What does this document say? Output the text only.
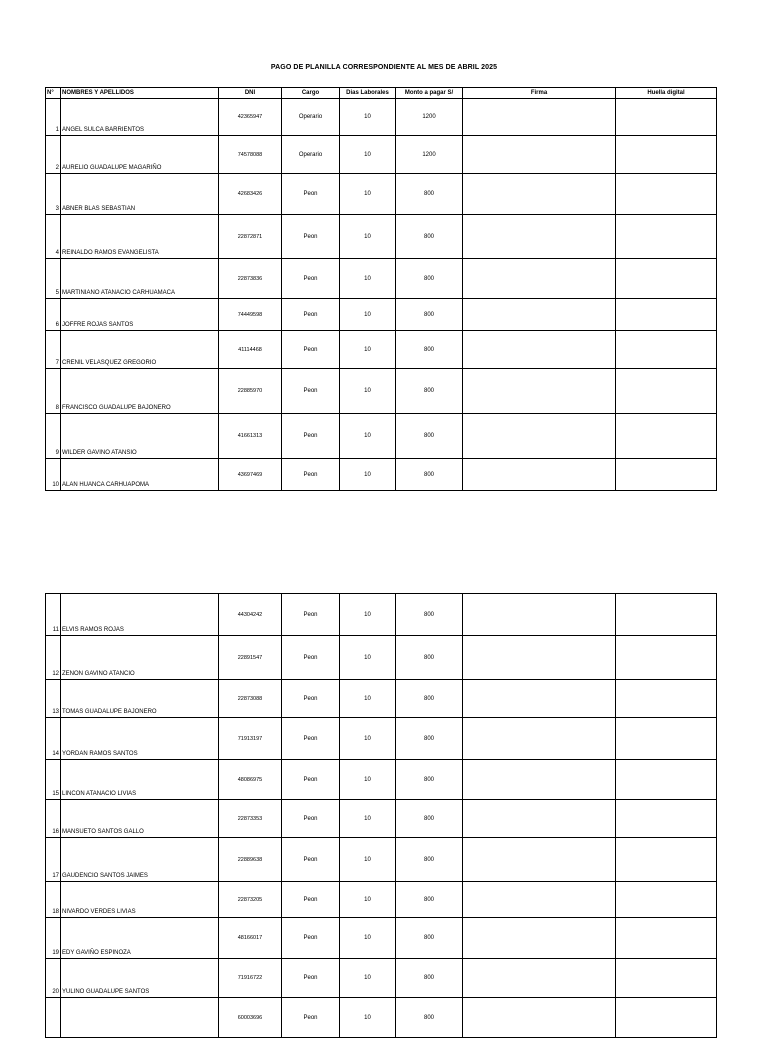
PAGO DE PLANILLA CORRESPONDIENTE AL MES DE ABRIL 2025
N°	NOMBRES Y APELLIDOS	DNI	Cargo	Dias Laborales	Monto a pagar S/	Firma	Huella digital
1	ANGEL SULCA BARRIENTOS	42365947	Operario	10	1200		
2	AURELIO GUADALUPE MAGARIÑO	74578088	Operario	10	1200		
3	ABNER BLAS SEBASTIAN	42683426	Peon	10	800		
4	REINALDO RAMOS EVANGELISTA	22872871	Peon	10	800		
5	MARTINIANO ATANACIO CARHUAMACA	22873836	Peon	10	800		
6	JOFFRE ROJAS SANTOS	74449598	Peon	10	800		
7	CRENIL VELASQUEZ GREGORIO	41114468	Peon	10	800		
8	FRANCISCO GUADALUPE BAJONERO	22885970	Peon	10	800		
9	WILDER GAVINO ATANSIO	41661313	Peon	10	800		
10	ALAN HUANCA CARHUAPOMA	43697469	Peon	10	800		
11	ELVIS RAMOS ROJAS	44304242	Peon	10	800		
12	ZENON GAVINO ATANCIO	22891547	Peon	10	800		
13	TOMAS GUADALUPE BAJONERO	22873088	Peon	10	800		
14	YORDAN RAMOS SANTOS	71913197	Peon	10	800		
15	LINCON ATANACIO LIVIAS	48086975	Peon	10	800		
16	MANSUETO SANTOS GALLO	22873353	Peon	10	800		
17	GAUDENCIO SANTOS JAIMES	22889638	Peon	10	800		
18	NIVARDO VERDES LIVIAS	22873205	Peon	10	800		
19	EDY GAVIÑO ESPINOZA	48166017	Peon	10	800		
20	YULINO GUADALUPE SANTOS	71916722	Peon	10	800		
		60003696	Peon	10	800		
